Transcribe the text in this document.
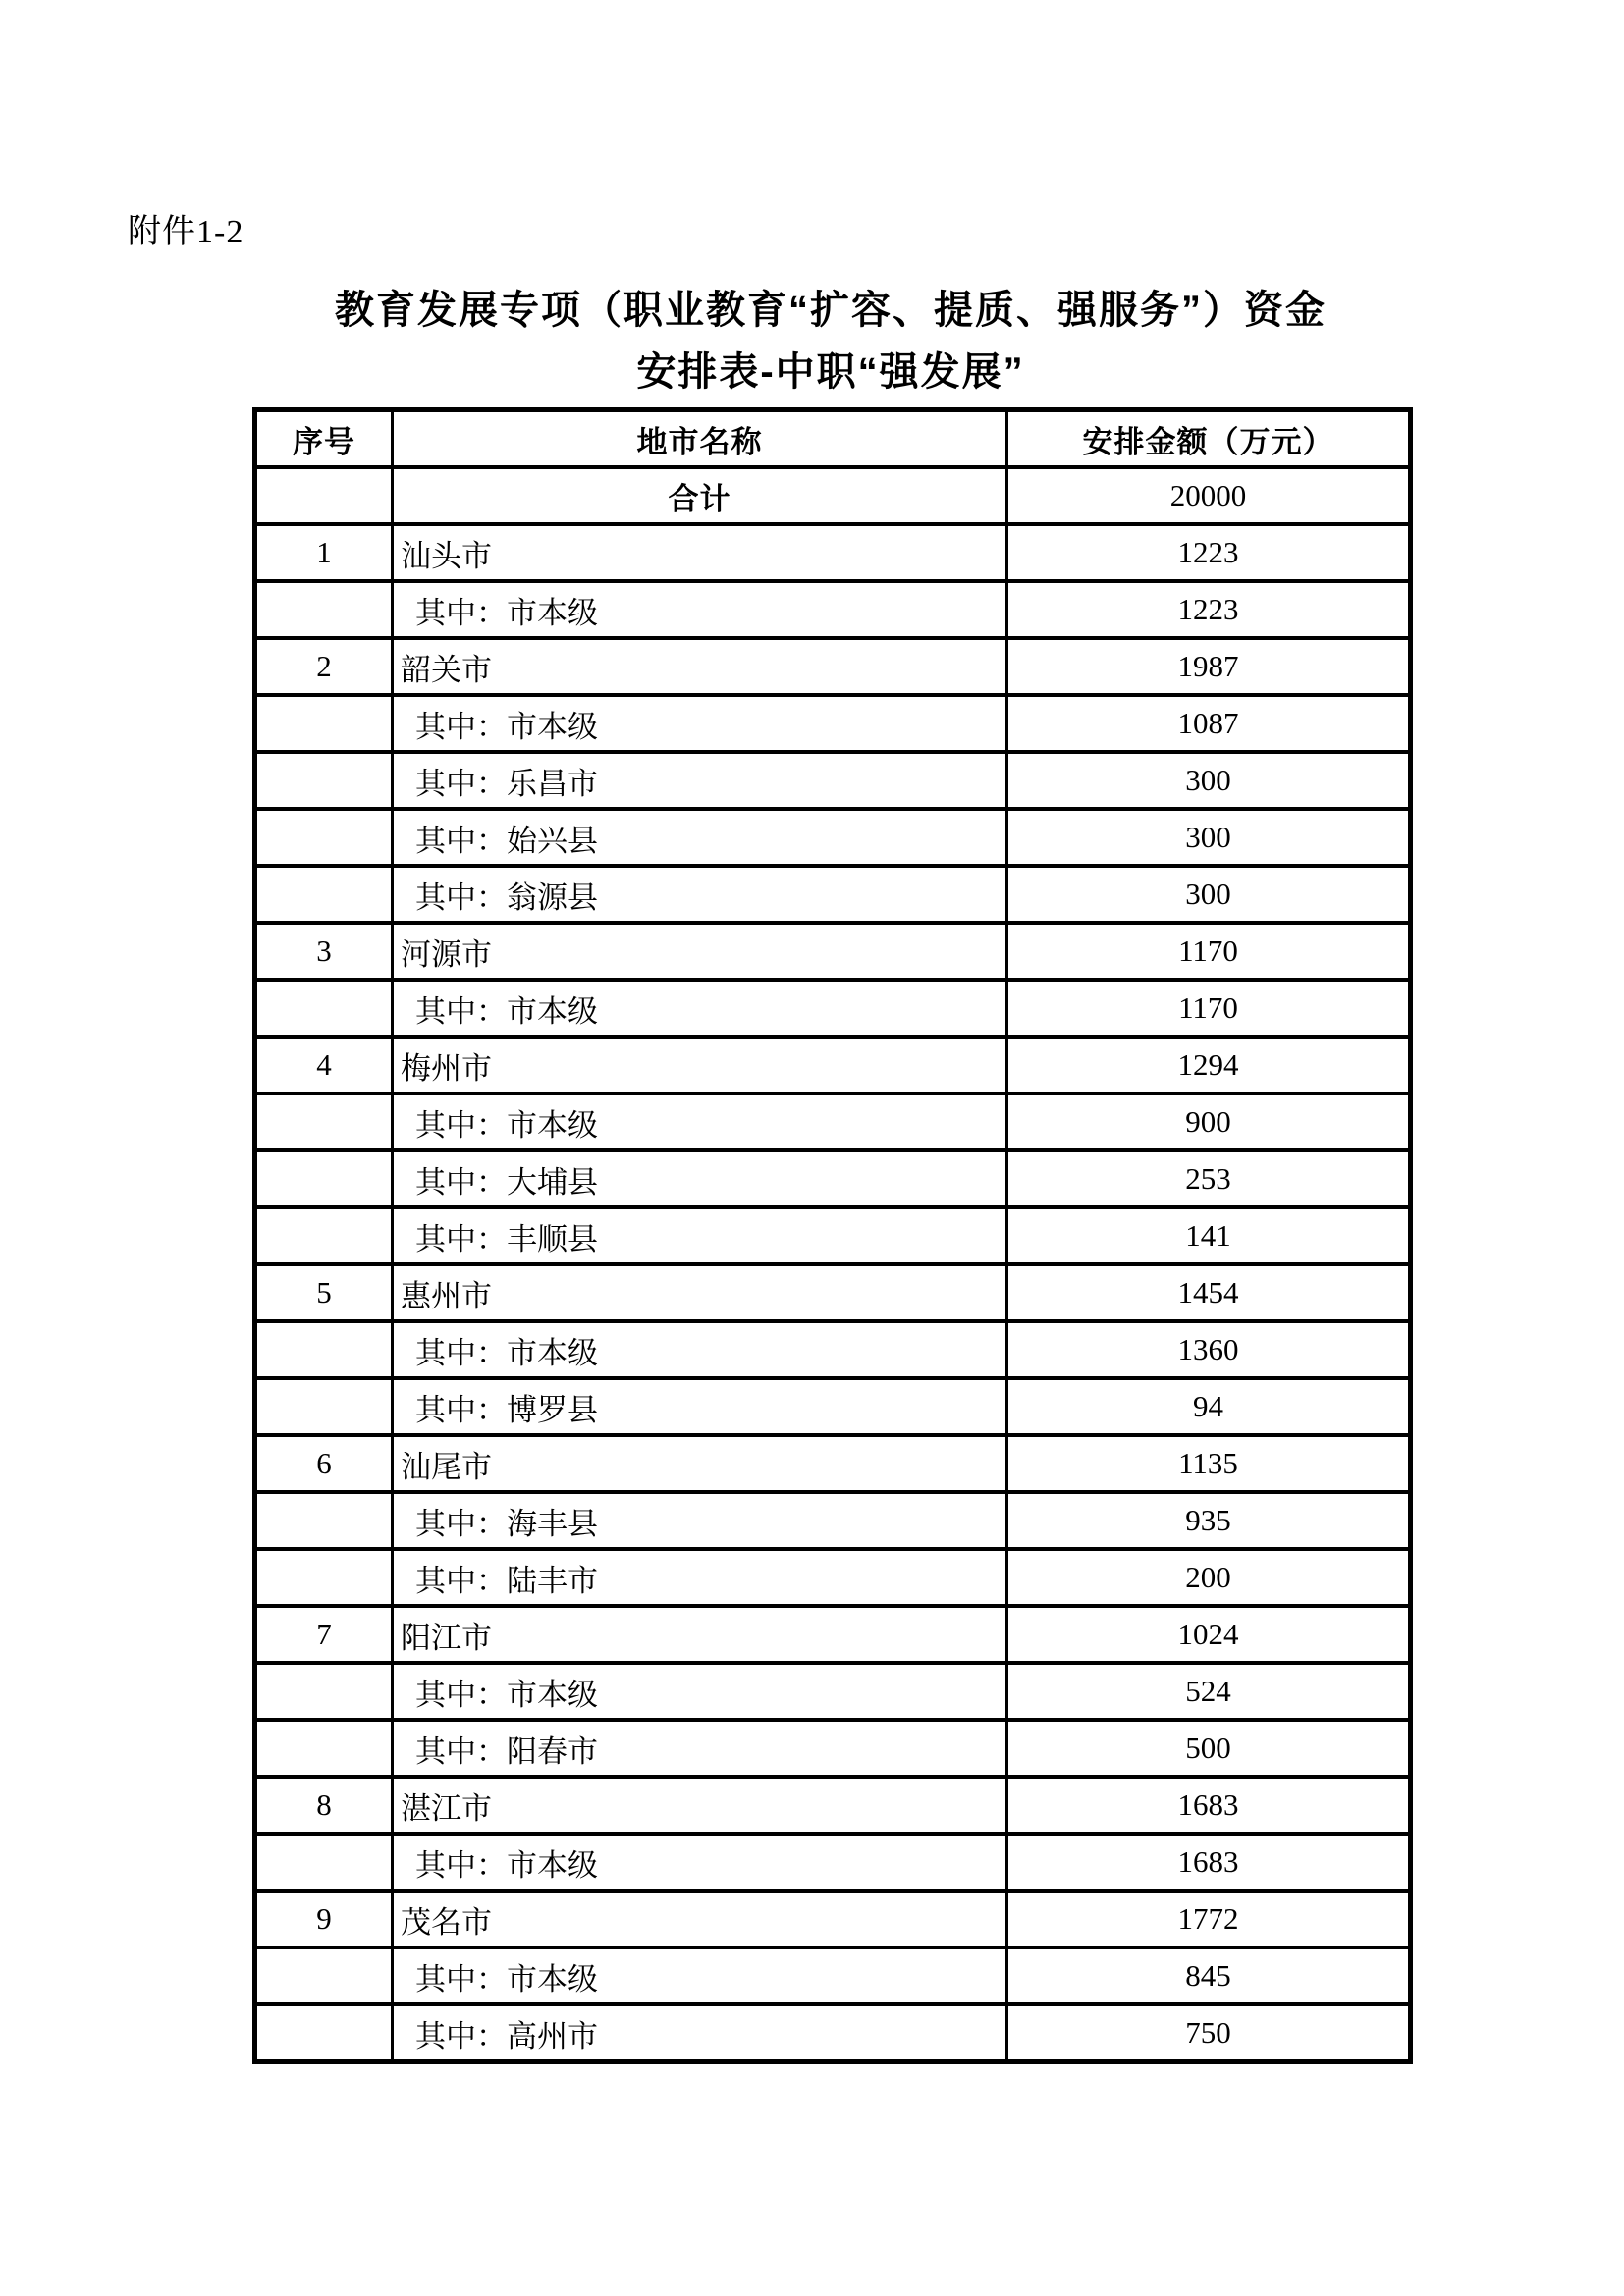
附件1-2
教育发展专项（职业教育“扩容、提质、强服务”）资金
安排表-中职“强发展”
序号	地市名称	安排金额（万元）
	合计	20000
1	汕头市	1223
	其中：市本级	1223
2	韶关市	1987
	其中：市本级	1087
	其中：乐昌市	300
	其中：始兴县	300
	其中：翁源县	300
3	河源市	1170
	其中：市本级	1170
4	梅州市	1294
	其中：市本级	900
	其中：大埔县	253
	其中：丰顺县	141
5	惠州市	1454
	其中：市本级	1360
	其中：博罗县	94
6	汕尾市	1135
	其中：海丰县	935
	其中：陆丰市	200
7	阳江市	1024
	其中：市本级	524
	其中：阳春市	500
8	湛江市	1683
	其中：市本级	1683
9	茂名市	1772
	其中：市本级	845
	其中：高州市	750
